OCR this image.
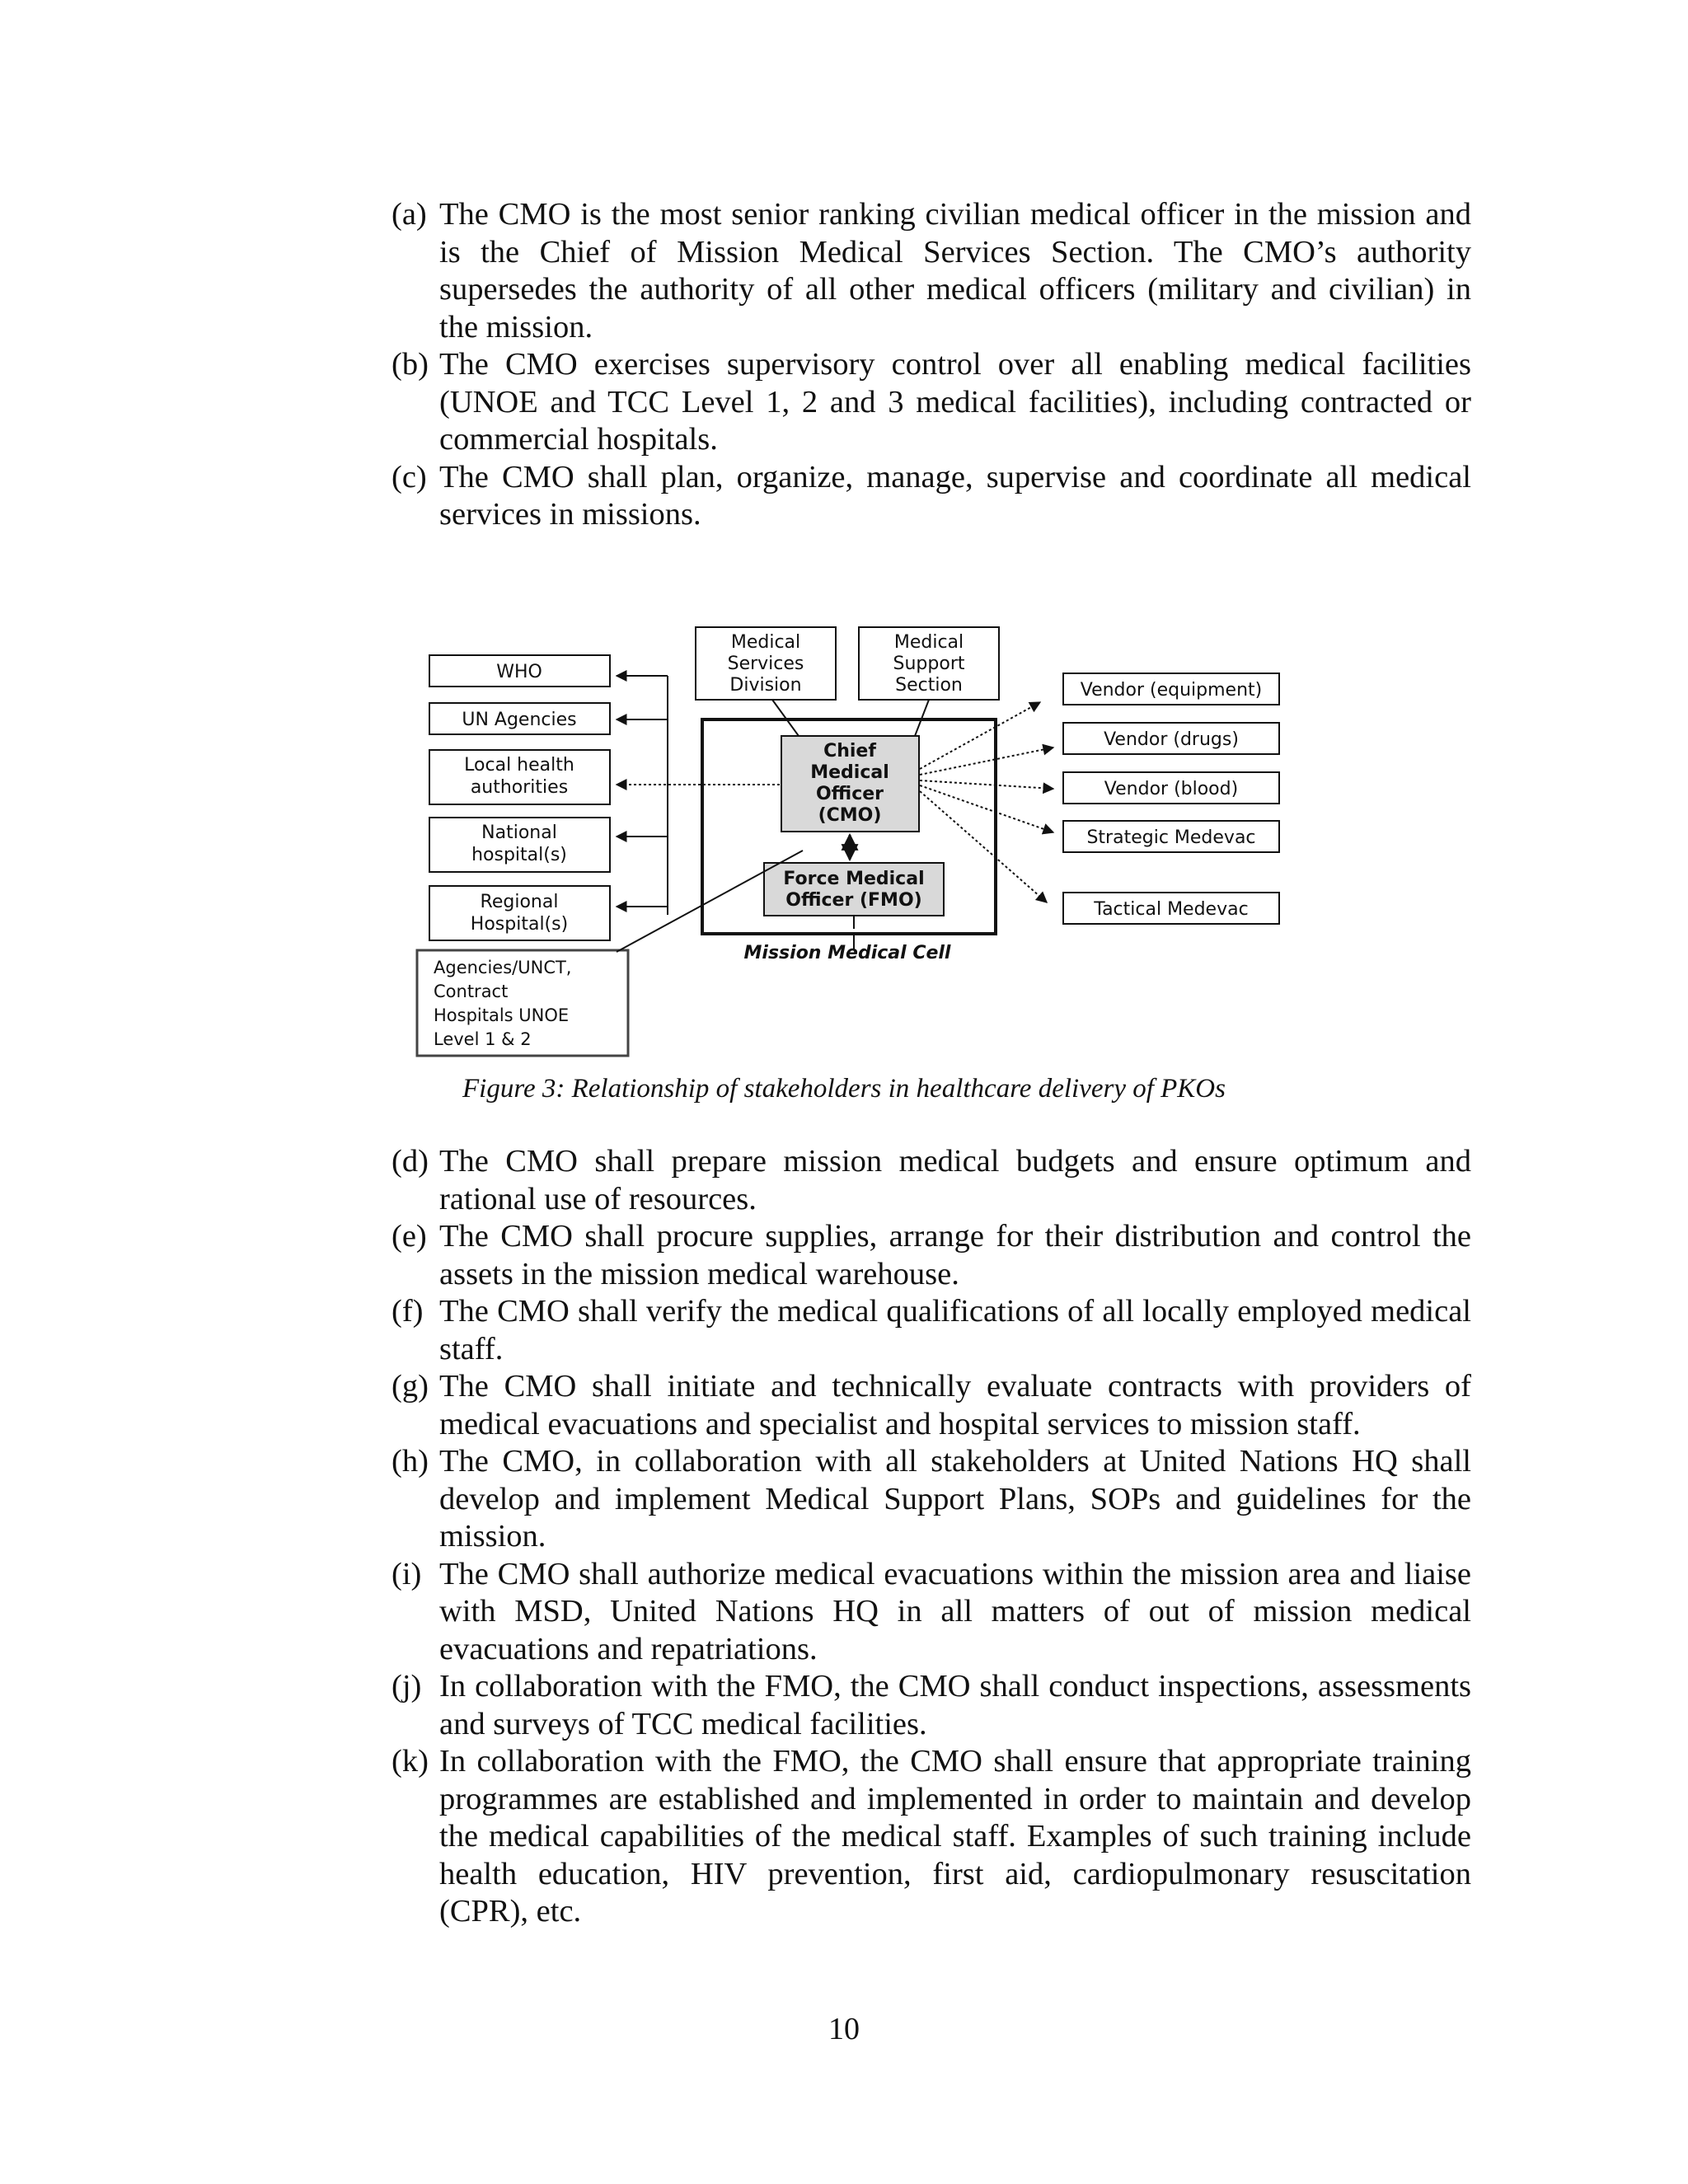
(a) The CMO is the most senior ranking civilian medical officer in the mission and is the Chief of Mission Medical Services Section. The CMO’s authority supersedes the authority of all other medical officers (military and civilian) in the mission.
(b) The CMO exercises supervisory control over all enabling medical facilities (UNOE and TCC Level 1, 2 and 3 medical facilities), including contracted or commercial hospitals.
(c) The CMO shall plan, organize, manage, supervise and coordinate all medical services in missions.
WHO
UN Agencies
Local health
authorities
National
hospital(s)
Regional
Hospital(s)
Agencies/UNCT,
Contract
Hospitals UNOE
Level 1 & 2
Medical
Services
Division
Medical
Support
Section
Chief
Medical
Officer
(CMO)
Force Medical
Officer (FMO)
Mission Medical Cell
Vendor (equipment)
Vendor (drugs)
Vendor (blood)
Strategic Medevac
Tactical Medevac
Figure 3: Relationship of stakeholders in healthcare delivery of PKOs
(d) The CMO shall prepare mission medical budgets and ensure optimum and rational use of resources.
(e) The CMO shall procure supplies, arrange for their distribution and control the assets in the mission medical warehouse.
(f) The CMO shall verify the medical qualifications of all locally employed medical staff.
(g) The CMO shall initiate and technically evaluate contracts with providers of medical evacuations and specialist and hospital services to mission staff.
(h) The CMO, in collaboration with all stakeholders at United Nations HQ shall develop and implement Medical Support Plans, SOPs and guidelines for the mission.
(i) The CMO shall authorize medical evacuations within the mission area and liaise with MSD, United Nations HQ in all matters of out of mission medical evacuations and repatriations.
(j) In collaboration with the FMO, the CMO shall conduct inspections, assessments and surveys of TCC medical facilities.
(k) In collaboration with the FMO, the CMO shall ensure that appropriate training programmes are established and implemented in order to maintain and develop the medical capabilities of the medical staff. Examples of such training include health education, HIV prevention, first aid, cardiopulmonary resuscitation (CPR), etc.
10
